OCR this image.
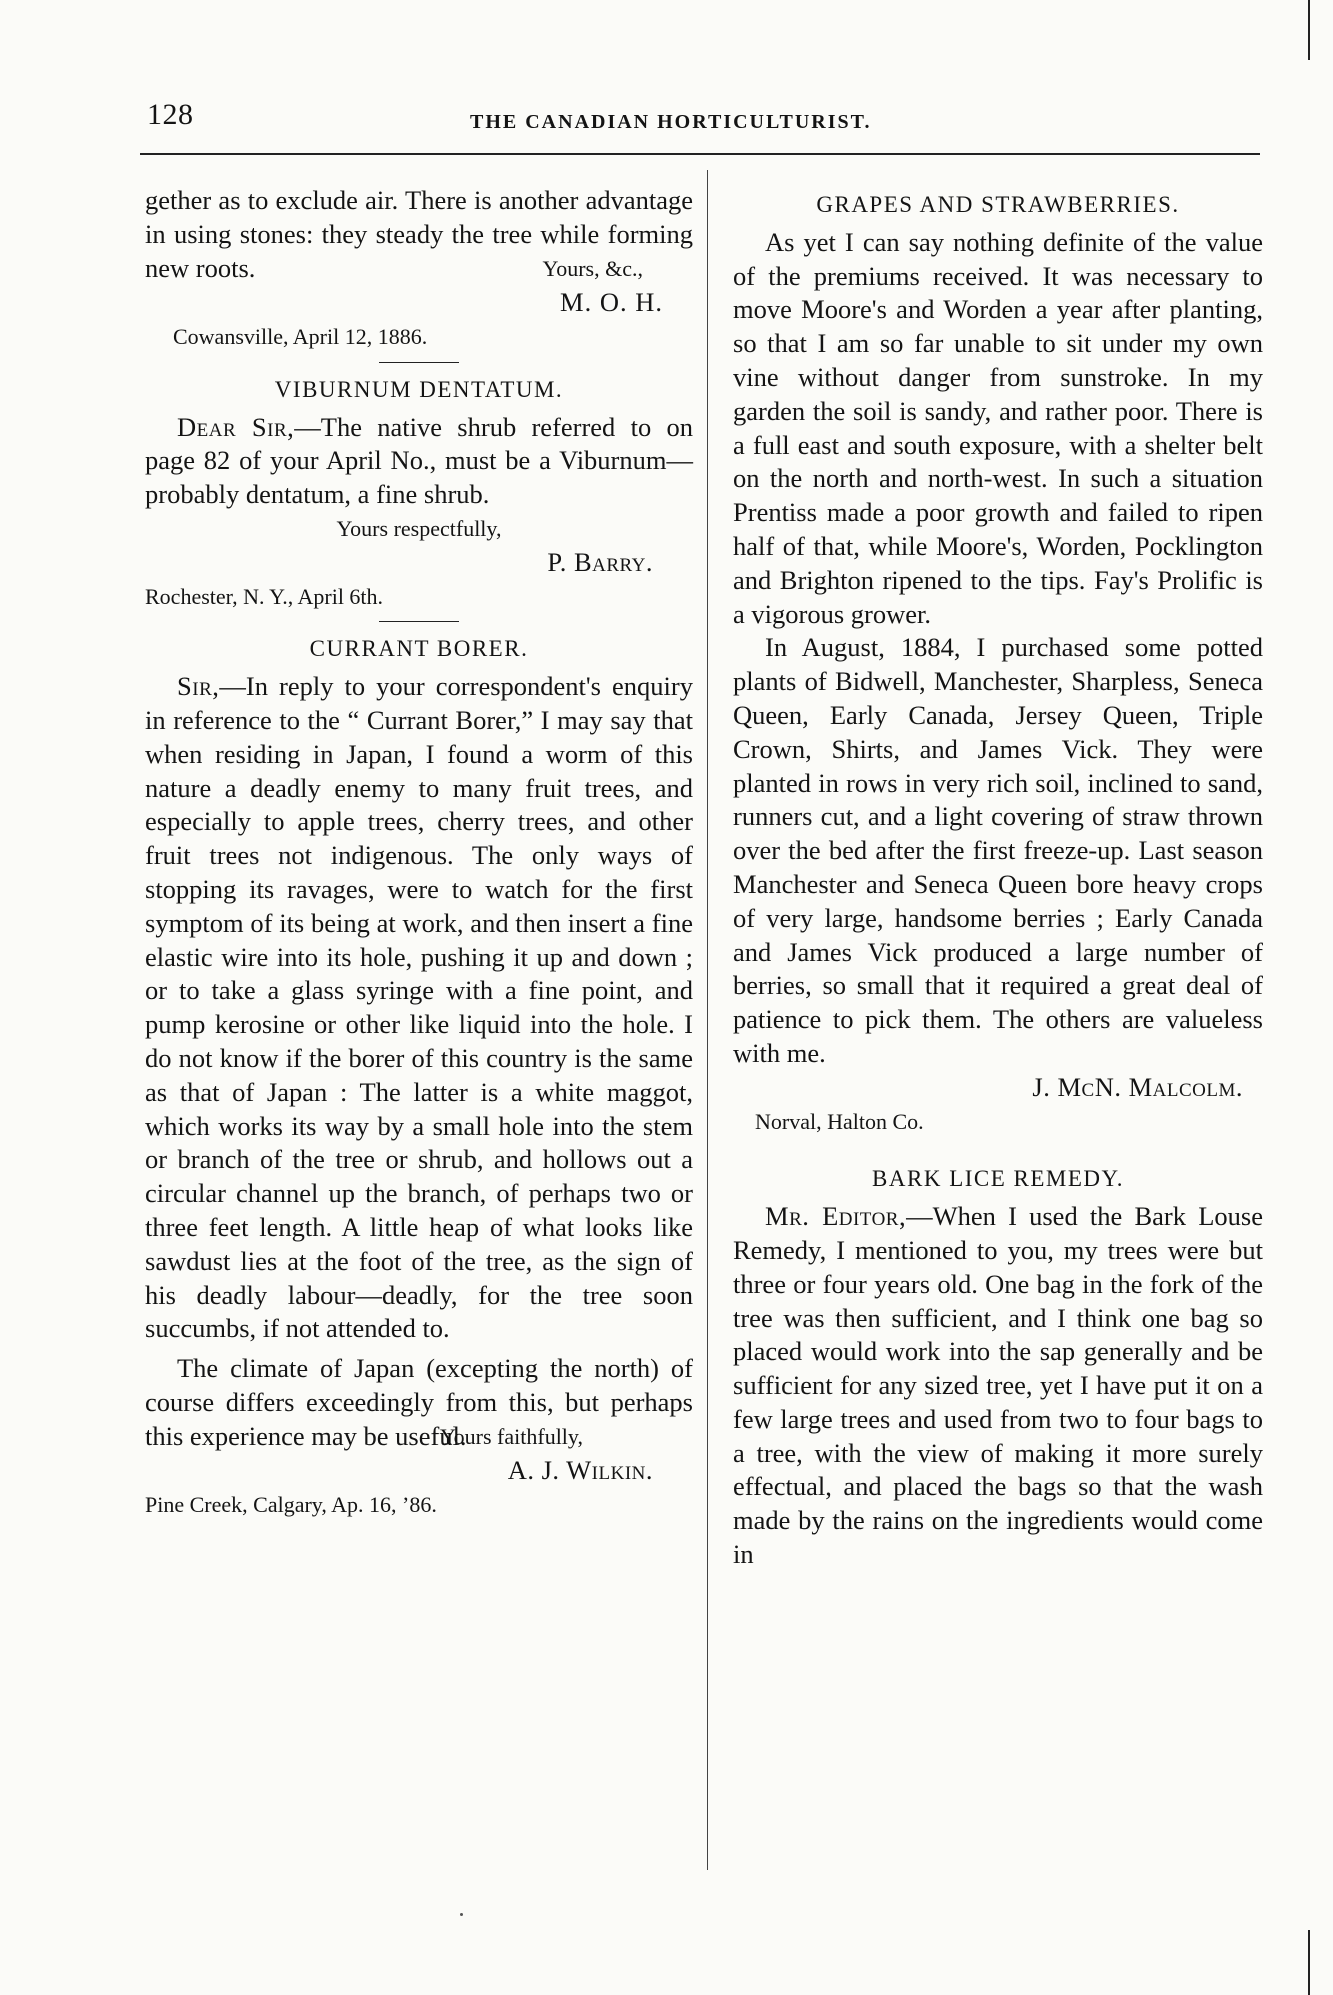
128	THE CANADIAN HORTICULTURIST.

gether as to exclude air. There is another advantage in using stones: they steady the tree while forming new roots.	Yours, &c.,

M. O. H.

Cowansville, April 12, 1886.

VIBURNUM DENTATUM.

Dear Sir,—The native shrub referred to on page 82 of your April No., must be a Viburnum—probably dentatum, a fine shrub.

Yours respectfully,

P. Barry.

Rochester, N. Y., April 6th.

CURRANT BORER.

Sir,—In reply to your correspondent's enquiry in reference to the “ Currant Borer,” I may say that when residing in Japan, I found a worm of this nature a deadly enemy to many fruit trees, and especially to apple trees, cherry trees, and other fruit trees not indigenous. The only ways of stopping its ravages, were to watch for the first symptom of its being at work, and then insert a fine elastic wire into its hole, pushing it up and down ; or to take a glass syringe with a fine point, and pump kerosine or other like liquid into the hole. I do not know if the borer of this country is the same as that of Japan : The latter is a white maggot, which works its way by a small hole into the stem or branch of the tree or shrub, and hollows out a circular channel up the branch, of perhaps two or three feet length. A little heap of what looks like sawdust lies at the foot of the tree, as the sign of his deadly labour—deadly, for the tree soon succumbs, if not attended to.

The climate of Japan (excepting the north) of course differs exceedingly from this, but perhaps this experience may be useful.

Yours faithfully,

A. J. Wilkin.

Pine Creek, Calgary, Ap. 16, ’86.

GRAPES AND STRAWBERRIES.

As yet I can say nothing definite of the value of the premiums received. It was necessary to move Moore's and Worden a year after planting, so that I am so far unable to sit under my own vine without danger from sunstroke. In my garden the soil is sandy, and rather poor. There is a full east and south exposure, with a shelter belt on the north and north-west. In such a situation Prentiss made a poor growth and failed to ripen half of that, while Moore's, Worden, Pocklington and Brighton ripened to the tips. Fay's Prolific is a vigorous grower.

In August, 1884, I purchased some potted plants of Bidwell, Manchester, Sharpless, Seneca Queen, Early Canada, Jersey Queen, Triple Crown, Shirts, and James Vick. They were planted in rows in very rich soil, inclined to sand, runners cut, and a light covering of straw thrown over the bed after the first freeze-up. Last season Manchester and Seneca Queen bore heavy crops of very large, handsome berries ; Early Canada and James Vick produced a large number of berries, so small that it required a great deal of patience to pick them. The others are valueless with me.

J. McN. Malcolm.

Norval, Halton Co.

BARK LICE REMEDY.

Mr. Editor,—When I used the Bark Louse Remedy, I mentioned to you, my trees were but three or four years old. One bag in the fork of the tree was then sufficient, and I think one bag so placed would work into the sap generally and be sufficient for any sized tree, yet I have put it on a few large trees and used from two to four bags to a tree, with the view of making it more surely effectual, and placed the bags so that the wash made by the rains on the ingredients would come in
